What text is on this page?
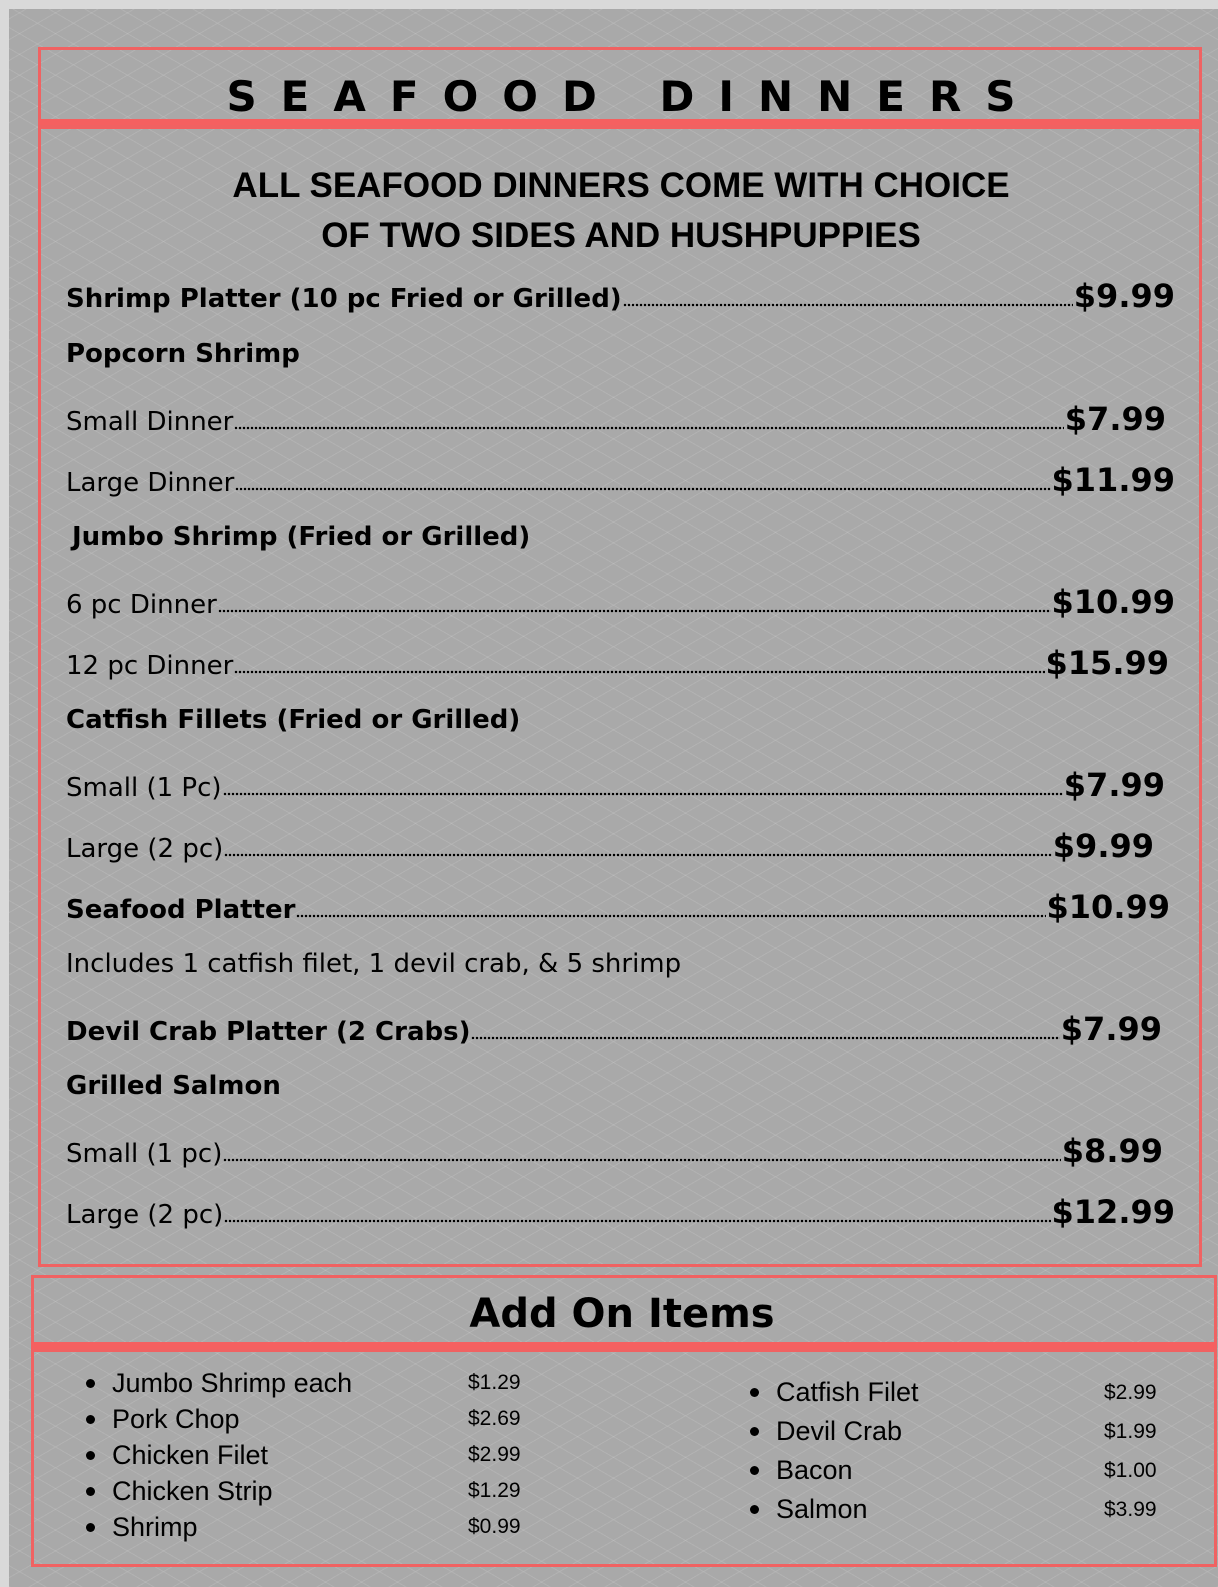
SEAFOOD DINNERS
ALL SEAFOOD DINNERS COME WITH CHOICE
OF TWO SIDES AND HUSHPUPPIES
Shrimp Platter (10 pc Fried or Grilled)	$9.99
Popcorn Shrimp
Small Dinner	$7.99
Large Dinner	$11.99
Jumbo Shrimp (Fried or Grilled)
6 pc Dinner	$10.99
12 pc Dinner	$15.99
Catfish Fillets (Fried or Grilled)
Small (1 Pc)	$7.99
Large (2 pc)	$9.99
Seafood Platter	$10.99
Includes 1 catfish filet, 1 devil crab, & 5 shrimp
Devil Crab Platter (2 Crabs)	$7.99
Grilled Salmon
Small (1 pc)	$8.99
Large (2 pc)	$12.99
Add On Items
Jumbo Shrimp each	$1.29
Pork Chop	$2.69
Chicken Filet	$2.99
Chicken Strip	$1.29
Shrimp	$0.99
Catfish Filet	$2.99
Devil Crab	$1.99
Bacon	$1.00
Salmon	$3.99
